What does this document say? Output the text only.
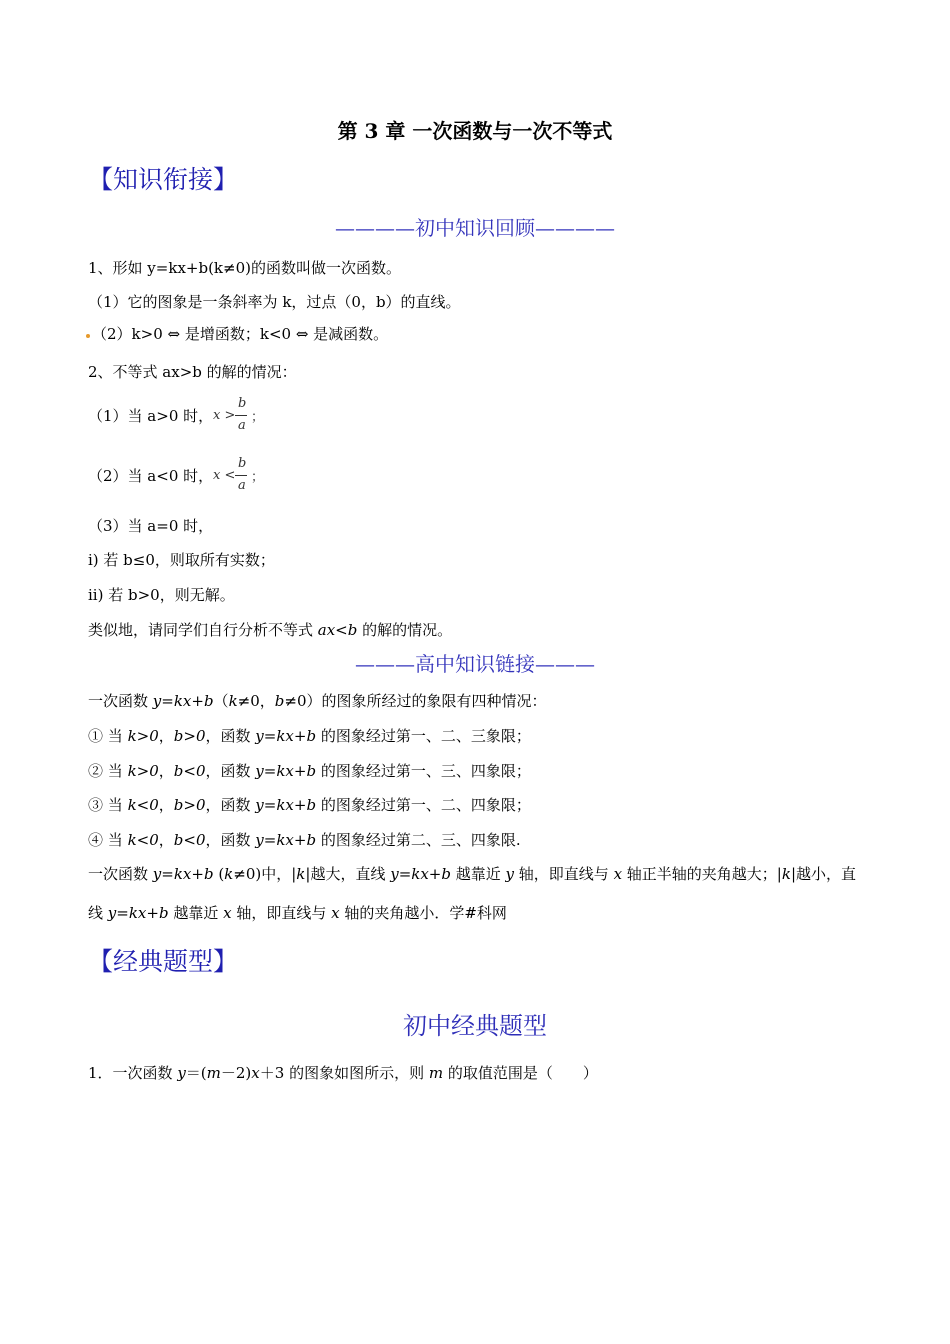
第 3 章 一次函数与一次不等式
【知识衔接】
————初中知识回顾————
1、形如 y=kx+b(k≠0)的函数叫做一次函数。
（1）它的图象是一条斜率为 k，过点（0，b）的直线。
（2）k>0 ⇔ 是增函数；k<0 ⇔ 是减函数。
2、不等式 ax>b 的解的情况：
（1）当 a>0 时， x >
b
a
；
（2）当 a<0 时， x <
b
a
；
（3）当 a=0 时，
i) 若 b≤0，则取所有实数；
ii) 若 b>0，则无解。
类似地，请同学们自行分析不等式 ax<b 的解的情况。
———高中知识链接———
一次函数 y=kx+b（k≠0，b≠0）的图象所经过的象限有四种情况：
① 当 k>0，b>0，函数 y=kx+b 的图象经过第一、二、三象限；
② 当 k>0，b<0，函数 y=kx+b 的图象经过第一、三、四象限；
③ 当 k<0，b>0，函数 y=kx+b 的图象经过第一、二、四象限；
④ 当 k<0，b<0，函数 y=kx+b 的图象经过第二、三、四象限.
一次函数 y=kx+b (k≠0)中，|k|越大，直线 y=kx+b 越靠近 y 轴，即直线与 x 轴正半轴的夹角越大；|k|越小，直
线 y=kx+b 越靠近 x 轴，即直线与 x 轴的夹角越小．学#科网
【经典题型】
初中经典题型
1．一次函数 y＝(m－2)x＋3 的图象如图所示，则 m 的取值范围是（　　）
